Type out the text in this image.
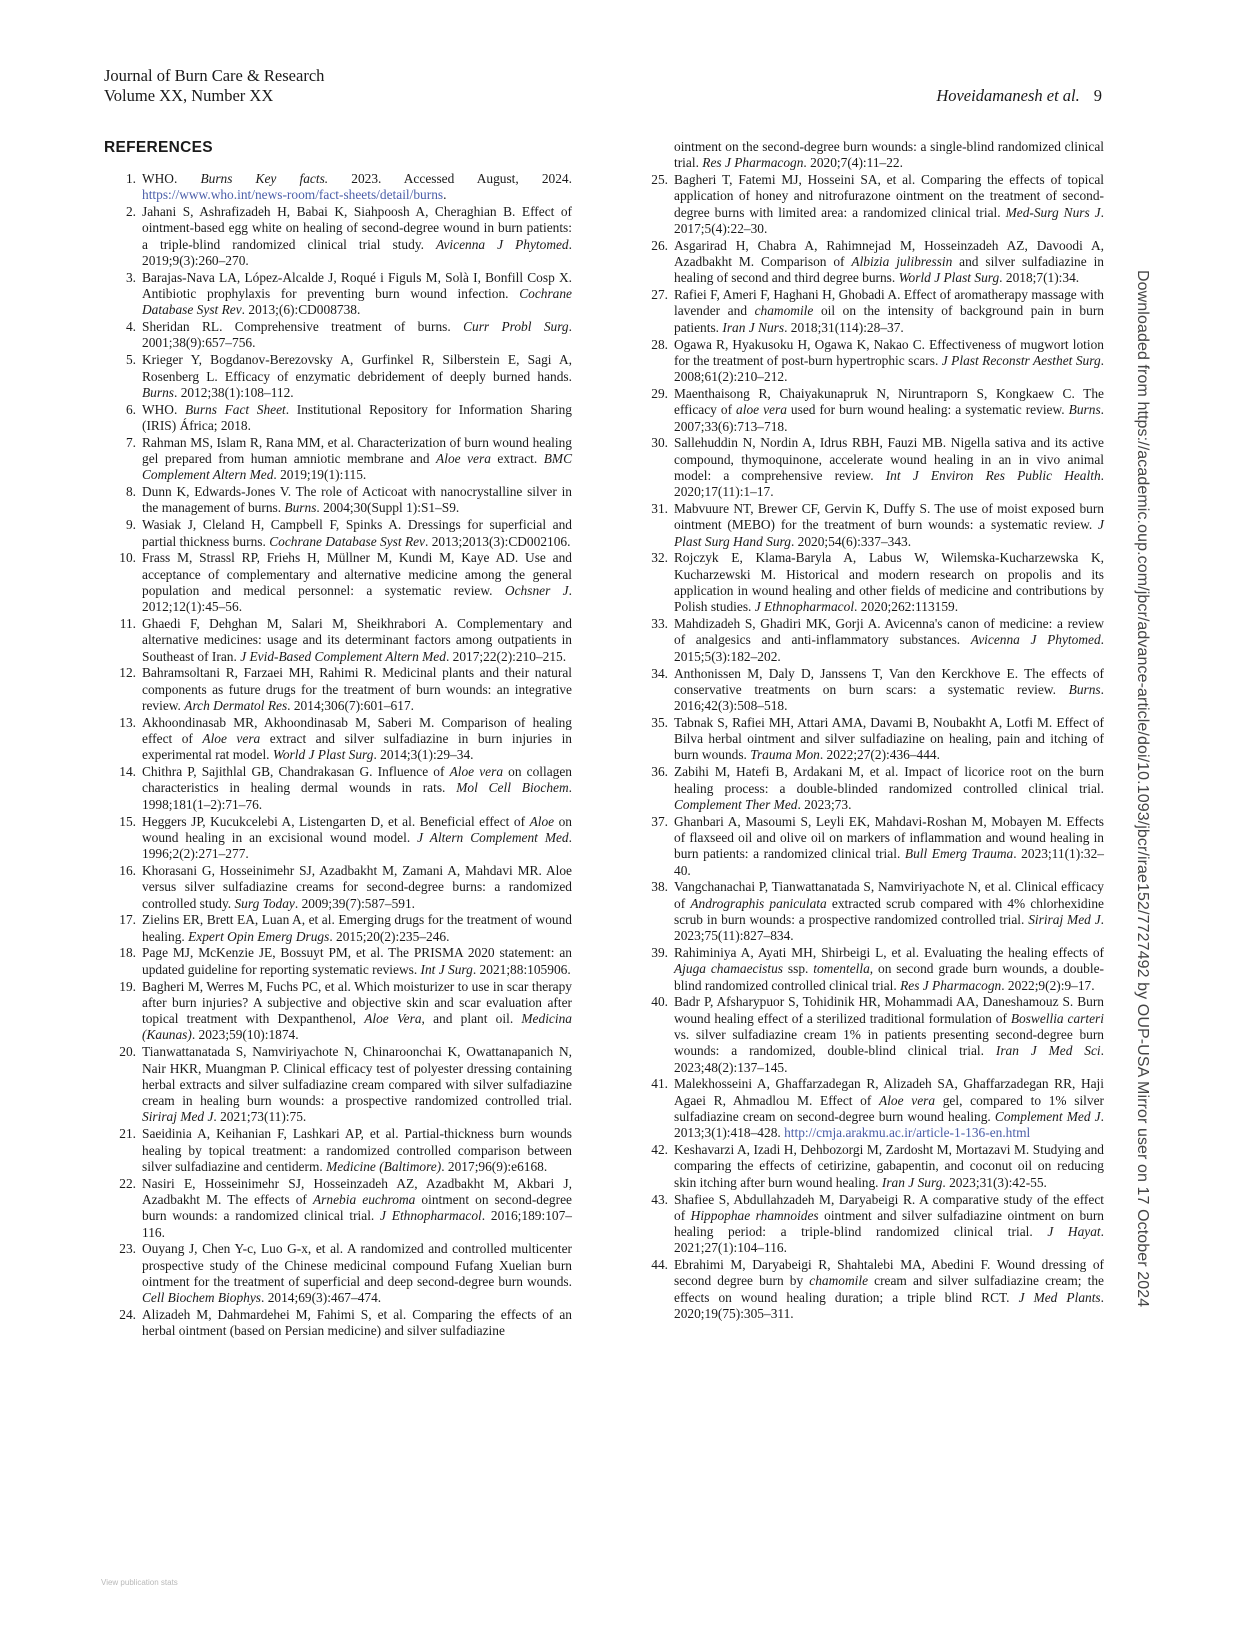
Journal of Burn Care & Research
Volume XX, Number XX	Hoveidamanesh et al. 9
REFERENCES
1. WHO. Burns Key facts. 2023. Accessed August, 2024. https://www.who.int/news-room/fact-sheets/detail/burns.
2. Jahani S, Ashrafizadeh H, Babai K, Siahpoosh A, Cheraghian B. Effect of ointment-based egg white on healing of second-degree wound in burn patients: a triple-blind randomized clinical trial study. Avicenna J Phytomed. 2019;9(3):260–270.
3. Barajas-Nava LA, López-Alcalde J, Roqué i Figuls M, Solà I, Bonfill Cosp X. Antibiotic prophylaxis for preventing burn wound infection. Cochrane Database Syst Rev. 2013;(6):CD008738.
4. Sheridan RL. Comprehensive treatment of burns. Curr Probl Surg. 2001;38(9):657–756.
5. Krieger Y, Bogdanov-Berezovsky A, Gurfinkel R, Silberstein E, Sagi A, Rosenberg L. Efficacy of enzymatic debridement of deeply burned hands. Burns. 2012;38(1):108–112.
6. WHO. Burns Fact Sheet. Institutional Repository for Information Sharing (IRIS) África; 2018.
7. Rahman MS, Islam R, Rana MM, et al. Characterization of burn wound healing gel prepared from human amniotic membrane and Aloe vera extract. BMC Complement Altern Med. 2019;19(1):115.
8. Dunn K, Edwards-Jones V. The role of Acticoat with nanocrystalline silver in the management of burns. Burns. 2004;30(Suppl 1):S1–S9.
9. Wasiak J, Cleland H, Campbell F, Spinks A. Dressings for superficial and partial thickness burns. Cochrane Database Syst Rev. 2013;2013(3):CD002106.
10. Frass M, Strassl RP, Friehs H, Müllner M, Kundi M, Kaye AD. Use and acceptance of complementary and alternative medicine among the general population and medical personnel: a systematic review. Ochsner J. 2012;12(1):45–56.
11. Ghaedi F, Dehghan M, Salari M, Sheikhrabori A. Complementary and alternative medicines: usage and its determinant factors among outpatients in Southeast of Iran. J Evid-Based Complement Altern Med. 2017;22(2):210–215.
12. Bahramsoltani R, Farzaei MH, Rahimi R. Medicinal plants and their natural components as future drugs for the treatment of burn wounds: an integrative review. Arch Dermatol Res. 2014;306(7):601–617.
13. Akhoondinasab MR, Akhoondinasab M, Saberi M. Comparison of healing effect of Aloe vera extract and silver sulfadiazine in burn injuries in experimental rat model. World J Plast Surg. 2014;3(1):29–34.
14. Chithra P, Sajithlal GB, Chandrakasan G. Influence of Aloe vera on collagen characteristics in healing dermal wounds in rats. Mol Cell Biochem. 1998;181(1–2):71–76.
15. Heggers JP, Kucukcelebi A, Listengarten D, et al. Beneficial effect of Aloe on wound healing in an excisional wound model. J Altern Complement Med. 1996;2(2):271–277.
16. Khorasani G, Hosseinimehr SJ, Azadbakht M, Zamani A, Mahdavi MR. Aloe versus silver sulfadiazine creams for second-degree burns: a randomized controlled study. Surg Today. 2009;39(7):587–591.
17. Zielins ER, Brett EA, Luan A, et al. Emerging drugs for the treatment of wound healing. Expert Opin Emerg Drugs. 2015;20(2):235–246.
18. Page MJ, McKenzie JE, Bossuyt PM, et al. The PRISMA 2020 statement: an updated guideline for reporting systematic reviews. Int J Surg. 2021;88:105906.
19. Bagheri M, Werres M, Fuchs PC, et al. Which moisturizer to use in scar therapy after burn injuries? A subjective and objective skin and scar evaluation after topical treatment with Dexpanthenol, Aloe Vera, and plant oil. Medicina (Kaunas). 2023;59(10):1874.
20. Tianwattanatada S, Namviriyachote N, Chinaroonchai K, Owattanapanich N, Nair HKR, Muangman P. Clinical efficacy test of polyester dressing containing herbal extracts and silver sulfadiazine cream compared with silver sulfadiazine cream in healing burn wounds: a prospective randomized controlled trial. Siriraj Med J. 2021;73(11):75.
21. Saeidinia A, Keihanian F, Lashkari AP, et al. Partial-thickness burn wounds healing by topical treatment: a randomized controlled comparison between silver sulfadiazine and centiderm. Medicine (Baltimore). 2017;96(9):e6168.
22. Nasiri E, Hosseinimehr SJ, Hosseinzadeh AZ, Azadbakht M, Akbari J, Azadbakht M. The effects of Arnebia euchroma ointment on second-degree burn wounds: a randomized clinical trial. J Ethnopharmacol. 2016;189:107–116.
23. Ouyang J, Chen Y-c, Luo G-x, et al. A randomized and controlled multicenter prospective study of the Chinese medicinal compound Fufang Xuelian burn ointment for the treatment of superficial and deep second-degree burn wounds. Cell Biochem Biophys. 2014;69(3):467–474.
24. Alizadeh M, Dahmardehei M, Fahimi S, et al. Comparing the effects of an herbal ointment (based on Persian medicine) and silver sulfadiazine
ointment on the second-degree burn wounds: a single-blind randomized clinical trial. Res J Pharmacogn. 2020;7(4):11–22.
25. Bagheri T, Fatemi MJ, Hosseini SA, et al. Comparing the effects of topical application of honey and nitrofurazone ointment on the treatment of second-degree burns with limited area: a randomized clinical trial. Med-Surg Nurs J. 2017;5(4):22–30.
26. Asgarirad H, Chabra A, Rahimnejad M, Hosseinzadeh AZ, Davoodi A, Azadbakht M. Comparison of Albizia julibressin and silver sulfadiazine in healing of second and third degree burns. World J Plast Surg. 2018;7(1):34.
27. Rafiei F, Ameri F, Haghani H, Ghobadi A. Effect of aromatherapy massage with lavender and chamomile oil on the intensity of background pain in burn patients. Iran J Nurs. 2018;31(114):28–37.
28. Ogawa R, Hyakusoku H, Ogawa K, Nakao C. Effectiveness of mugwort lotion for the treatment of post-burn hypertrophic scars. J Plast Reconstr Aesthet Surg. 2008;61(2):210–212.
29. Maenthaisong R, Chaiyakunapruk N, Niruntraporn S, Kongkaew C. The efficacy of aloe vera used for burn wound healing: a systematic review. Burns. 2007;33(6):713–718.
30. Sallehuddin N, Nordin A, Idrus RBH, Fauzi MB. Nigella sativa and its active compound, thymoquinone, accelerate wound healing in an in vivo animal model: a comprehensive review. Int J Environ Res Public Health. 2020;17(11):1–17.
31. Mabvuure NT, Brewer CF, Gervin K, Duffy S. The use of moist exposed burn ointment (MEBO) for the treatment of burn wounds: a systematic review. J Plast Surg Hand Surg. 2020;54(6):337–343.
32. Rojczyk E, Klama-Baryla A, Labus W, Wilemska-Kucharzewska K, Kucharzewski M. Historical and modern research on propolis and its application in wound healing and other fields of medicine and contributions by Polish studies. J Ethnopharmacol. 2020;262:113159.
33. Mahdizadeh S, Ghadiri MK, Gorji A. Avicenna's canon of medicine: a review of analgesics and anti-inflammatory substances. Avicenna J Phytomed. 2015;5(3):182–202.
34. Anthonissen M, Daly D, Janssens T, Van den Kerckhove E. The effects of conservative treatments on burn scars: a systematic review. Burns. 2016;42(3):508–518.
35. Tabnak S, Rafiei MH, Attari AMA, Davami B, Noubakht A, Lotfi M. Effect of Bilva herbal ointment and silver sulfadiazine on healing, pain and itching of burn wounds. Trauma Mon. 2022;27(2):436–444.
36. Zabihi M, Hatefi B, Ardakani M, et al. Impact of licorice root on the burn healing process: a double-blinded randomized controlled clinical trial. Complement Ther Med. 2023;73.
37. Ghanbari A, Masoumi S, Leyli EK, Mahdavi-Roshan M, Mobayen M. Effects of flaxseed oil and olive oil on markers of inflammation and wound healing in burn patients: a randomized clinical trial. Bull Emerg Trauma. 2023;11(1):32–40.
38. Vangchanachai P, Tianwattanatada S, Namviriyachote N, et al. Clinical efficacy of Andrographis paniculata extracted scrub compared with 4% chlorhexidine scrub in burn wounds: a prospective randomized controlled trial. Siriraj Med J. 2023;75(11):827–834.
39. Rahiminiya A, Ayati MH, Shirbeigi L, et al. Evaluating the healing effects of Ajuga chamaecistus ssp. tomentella, on second grade burn wounds, a double-blind randomized controlled clinical trial. Res J Pharmacogn. 2022;9(2):9–17.
40. Badr P, Afsharypuor S, Tohidinik HR, Mohammadi AA, Daneshamouz S. Burn wound healing effect of a sterilized traditional formulation of Boswellia carteri vs. silver sulfadiazine cream 1% in patients presenting second-degree burn wounds: a randomized, double-blind clinical trial. Iran J Med Sci. 2023;48(2):137–145.
41. Malekhosseini A, Ghaffarzadegan R, Alizadeh SA, Ghaffarzadegan RR, Haji Agaei R, Ahmadlou M. Effect of Aloe vera gel, compared to 1% silver sulfadiazine cream on second-degree burn wound healing. Complement Med J. 2013;3(1):418–428. http://cmja.arakmu.ac.ir/article-1-136-en.html
42. Keshavarzi A, Izadi H, Dehbozorgi M, Zardosht M, Mortazavi M. Studying and comparing the effects of cetirizine, gabapentin, and coconut oil on reducing skin itching after burn wound healing. Iran J Surg. 2023;31(3):42-55.
43. Shafiee S, Abdullahzadeh M, Daryabeigi R. A comparative study of the effect of Hippophae rhamnoides ointment and silver sulfadiazine ointment on burn healing period: a triple-blind randomized clinical trial. J Hayat. 2021;27(1):104–116.
44. Ebrahimi M, Daryabeigi R, Shahtalebi MA, Abedini F. Wound dressing of second degree burn by chamomile cream and silver sulfadiazine cream; the effects on wound healing duration; a triple blind RCT. J Med Plants. 2020;19(75):305–311.
Downloaded from https://academic.oup.com/jbcr/advance-article/doi/10.1093/jbcr/irae152/7727492 by OUP-USA Mirror user on 17 October 2024
View publication stats
